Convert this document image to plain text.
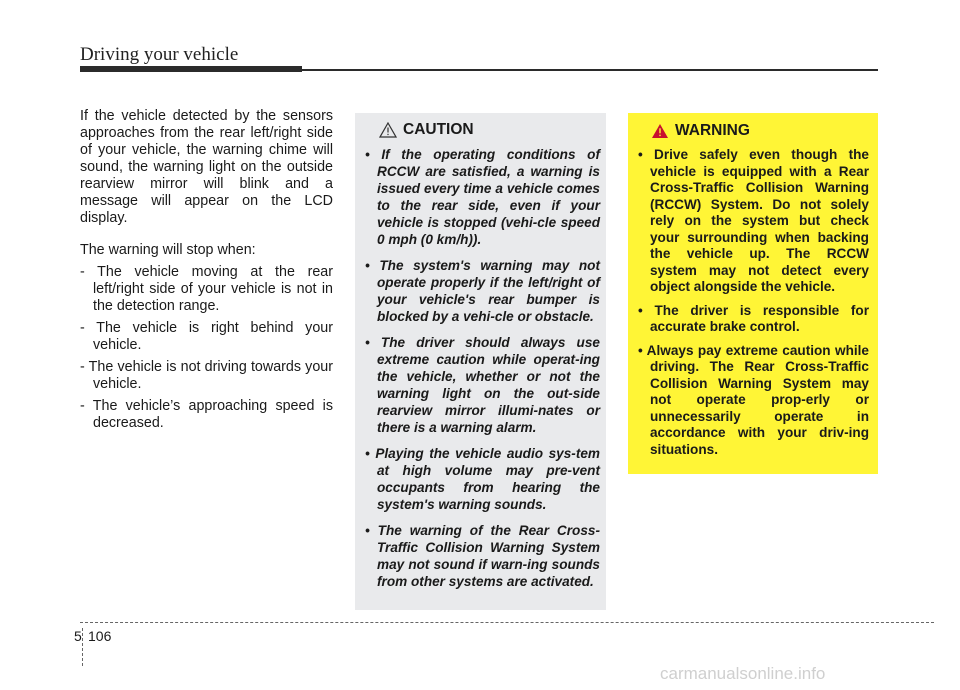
Driving your vehicle

If the vehicle detected by the sensors approaches from the rear left/right side of your vehicle, the warning chime will sound, the warning light on the outside rearview mirror will blink and a message will appear on the LCD display.

The warning will stop when:

- The vehicle moving at the rear left/right side of your vehicle is not in the detection range.
- The vehicle is right behind your vehicle.
- The vehicle is not driving towards your vehicle.
- The vehicle’s approaching speed is decreased.
CAUTION
• If the operating conditions of RCCW are satisfied, a warning is issued every time a vehicle comes to the rear side, even if your vehicle is stopped (vehi-cle speed 0 mph (0 km/h)).
• The system's warning may not operate properly if the left/right of your vehicle's rear bumper is blocked by a vehi-cle or obstacle.
• The driver should always use extreme caution while operat-ing the vehicle, whether or not the warning light on the out-side rearview mirror illumi-nates or there is a warning alarm.
• Playing the vehicle audio sys-tem at high volume may pre-vent occupants from hearing the system's warning sounds.
• The warning of the Rear Cross-Traffic Collision Warning System may not sound if warn-ing sounds from other systems are activated.
WARNING
• Drive safely even though the vehicle is equipped with a Rear Cross-Traffic Collision Warning (RCCW) System. Do not solely rely on the system but check your surrounding when backing the vehicle up. The RCCW system may not detect every object alongside the vehicle.
• The driver is responsible for accurate brake control.
• Always pay extreme caution while driving. The Rear Cross-Traffic Collision Warning System may not operate prop-erly or unnecessarily operate in accordance with your driv-ing situations.
5 106
carmanualsonline.info
